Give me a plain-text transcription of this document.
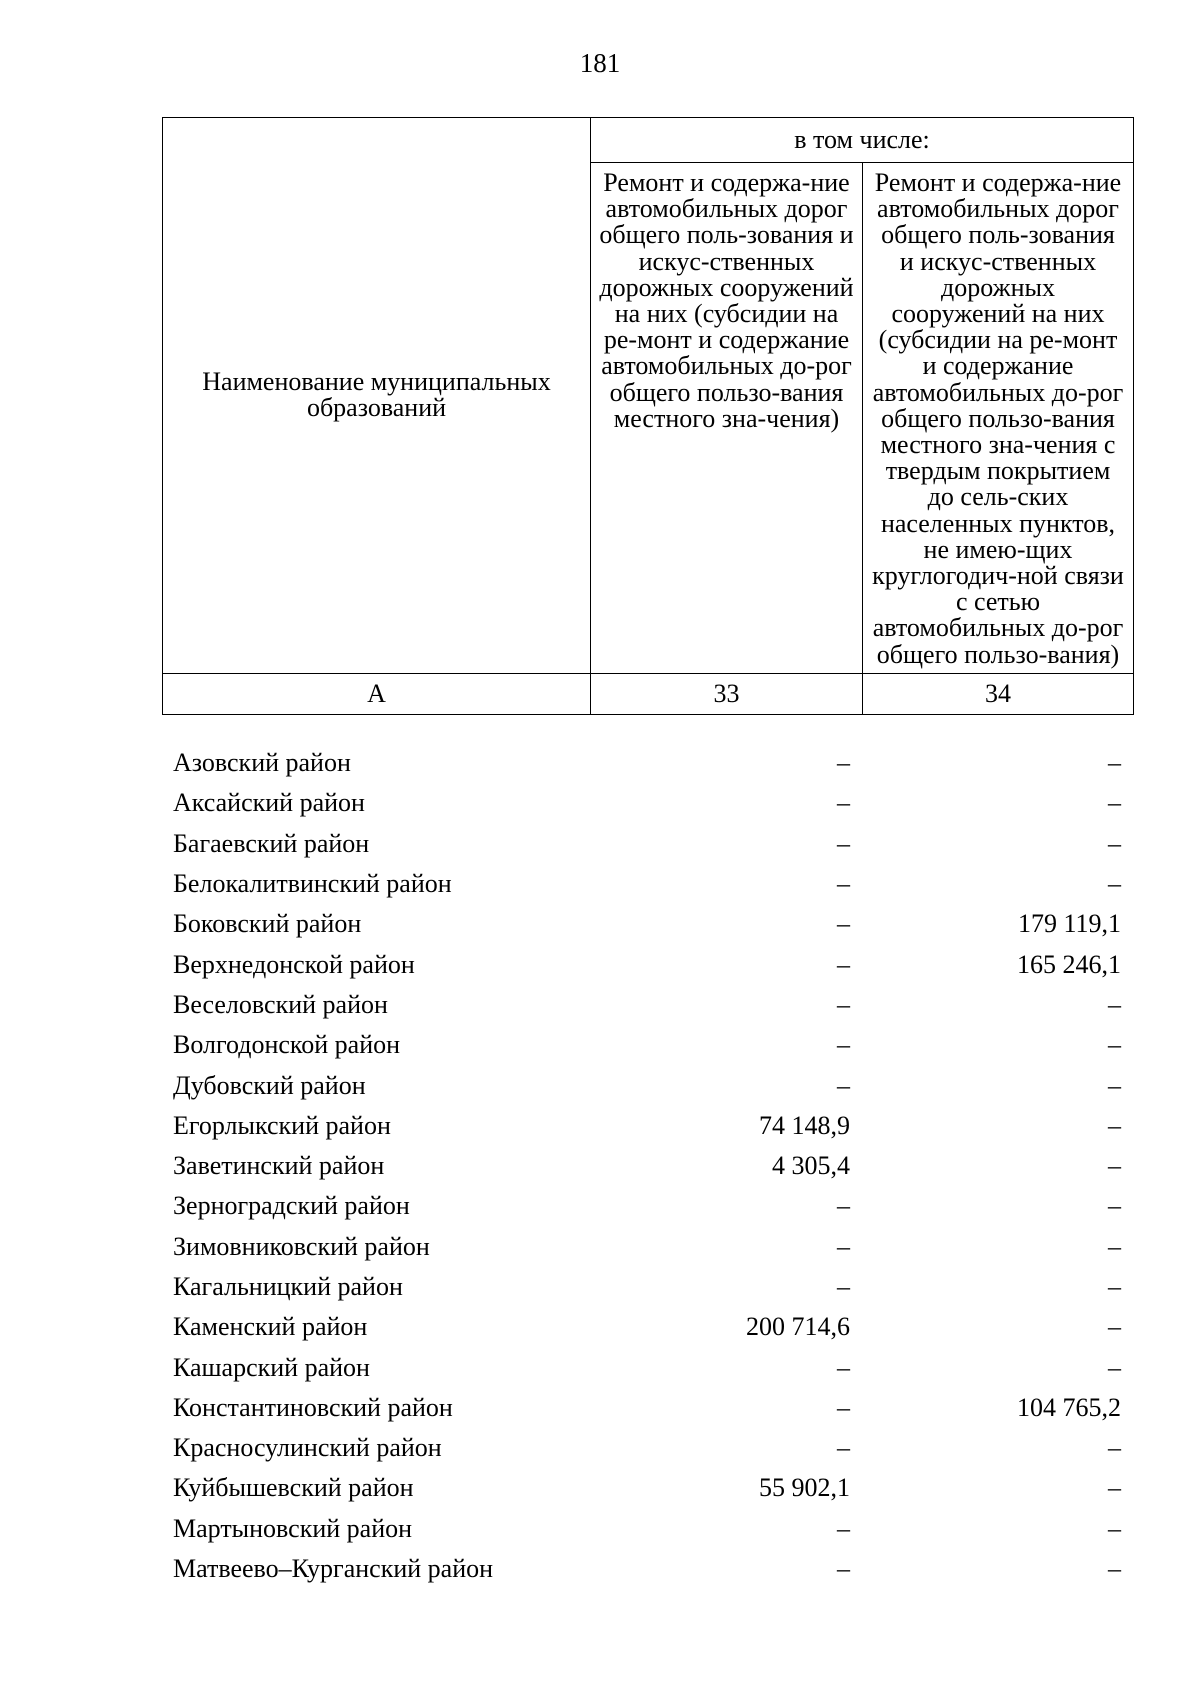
181
Наименование муниципальных образований	в том числе:	
	Ремонт и содержа-ние автомобильных дорог общего поль-зования и искус-ственных дорожных сооружений на них (субсидии на ре-монт и содержание автомобильных до-рог общего пользо-вания местного зна-чения)	Ремонт и содержа-ние автомобильных дорог общего поль-зования и искус-ственных дорожных сооружений на них (субсидии на ре-монт и содержание автомобильных до-рог общего пользо-вания местного зна-чения с твердым покрытием до сель-ских населенных пунктов, не имею-щих круглогодич-ной связи с сетью автомобильных до-рог общего пользо-вания)
А	33	34
Азовский район	–	–
Аксайский район	–	–
Багаевский район	–	–
Белокалитвинский район	–	–
Боковский район	–	179 119,1
Верхнедонской район	–	165 246,1
Веселовский район	–	–
Волгодонской район	–	–
Дубовский район	–	–
Егорлыкский район	74 148,9	–
Заветинский район	4 305,4	–
Зерноградский район	–	–
Зимовниковский район	–	–
Кагальницкий район	–	–
Каменский район	200 714,6	–
Кашарский район	–	–
Константиновский район	–	104 765,2
Красносулинский район	–	–
Куйбышевский район	55 902,1	–
Мартыновский район	–	–
Матвеево–Курганский район	–	–
